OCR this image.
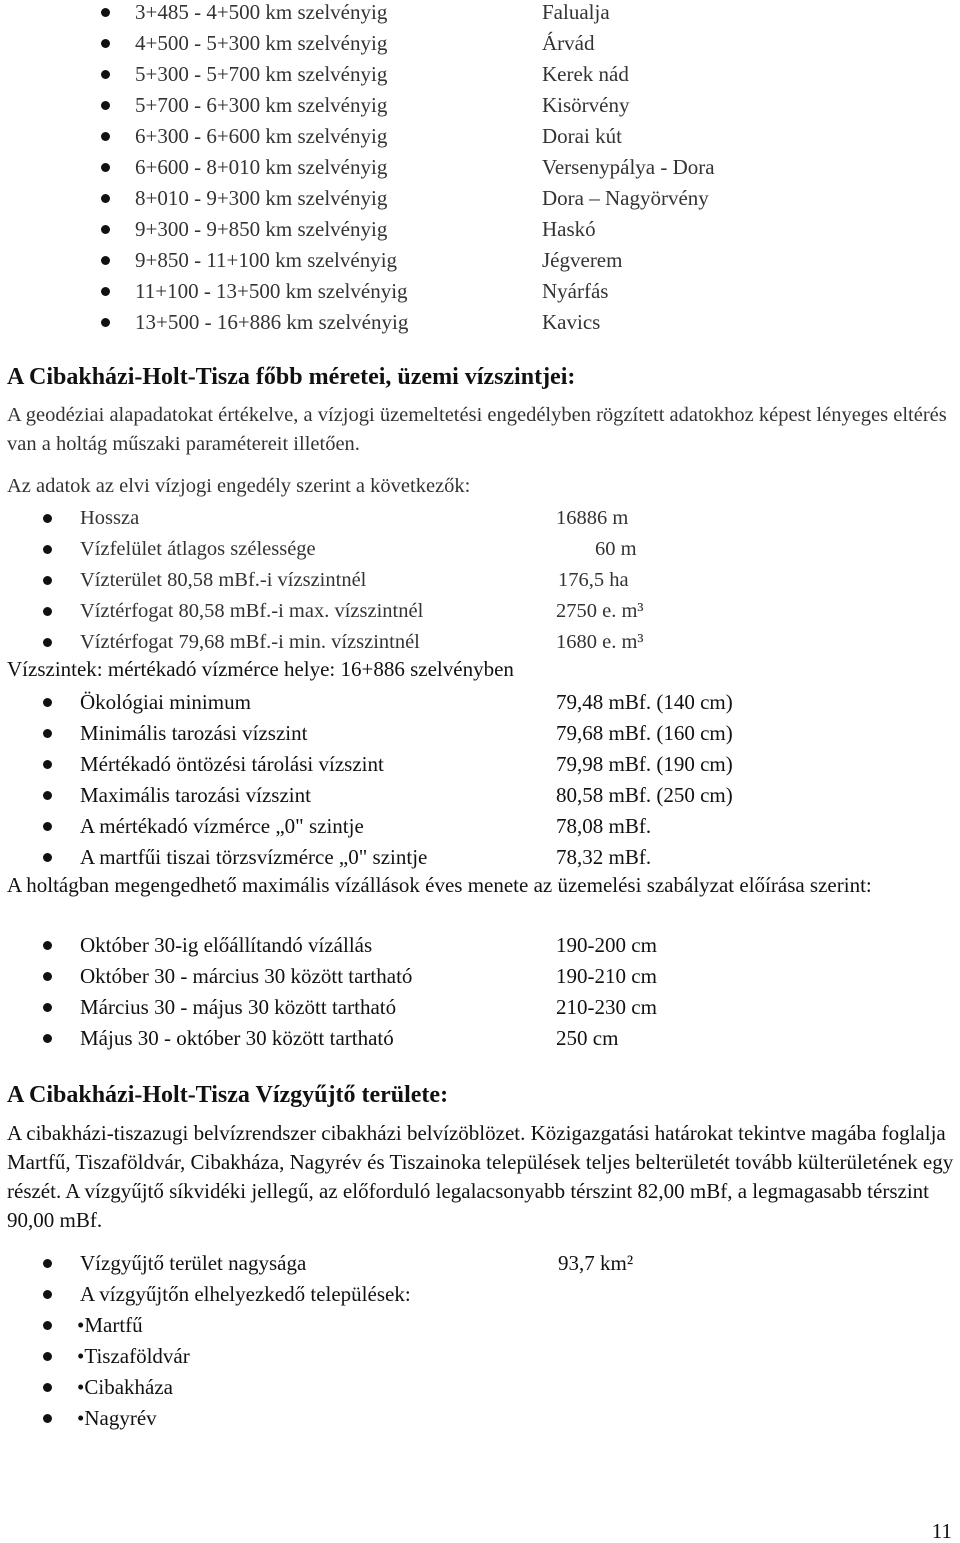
3+485 - 4+500 km szelvényig	Falualja
4+500 - 5+300 km szelvényig	Árvád
5+300 - 5+700 km szelvényig	Kerek nád
5+700 - 6+300 km szelvényig	Kisörvény
6+300 - 6+600 km szelvényig	Dorai kút
6+600 - 8+010 km szelvényig	Versenypálya - Dora
8+010 - 9+300 km szelvényig	Dora – Nagyörvény
9+300 - 9+850 km szelvényig	Haskó
9+850 - 11+100 km szelvényig	Jégverem
11+100 - 13+500 km szelvényig	Nyárfás
13+500 - 16+886 km szelvényig	Kavics
A Cibakházi-Holt-Tisza főbb méretei, üzemi vízszintjei:

A geodéziai alapadatokat értékelve, a vízjogi üzemeltetési engedélyben rögzített adatokhoz képest lényeges eltérés van a holtág műszaki paramétereit illetően.

Az adatok az elvi vízjogi engedély szerint a következők:

Hossza	16886 m
Vízfelület átlagos szélessége	60 m
Vízterület 80,58 mBf.-i vízszintnél	176,5 ha
Víztérfogat 80,58 mBf.-i max. vízszintnél	2750 e. m³
Víztérfogat 79,68 mBf.-i min. vízszintnél	1680 e. m³

Vízszintek: mértékadó vízmérce helye: 16+886 szelvényben

Ökológiai minimum	79,48 mBf. (140 cm)
Minimális tarozási vízszint	79,68 mBf. (160 cm)
Mértékadó öntözési tárolási vízszint	79,98 mBf. (190 cm)
Maximális tarozási vízszint	80,58 mBf. (250 cm)
A mértékadó vízmérce „0" szintje	78,08 mBf.
A martfűi tiszai törzsvízmérce „0" szintje	78,32 mBf.

A holtágban megengedhető maximális vízállások éves menete az üzemelési szabályzat előírása szerint:

Október 30-ig előállítandó vízállás	190-200 cm
Október 30 - március 30 között tartható	190-210 cm
Március 30 - május 30 között tartható	210-230 cm
Május 30 - október 30 között tartható	250 cm
A Cibakházi-Holt-Tisza Vízgyűjtő területe:

A cibakházi-tiszazugi belvízrendszer cibakházi belvízöblözet. Közigazgatási határokat tekintve magába foglalja Martfű, Tiszaföldvár, Cibakháza, Nagyrév és Tiszainoka települések teljes belterületét tovább külterületének egy részét. A vízgyűjtő síkvidéki jellegű, az előforduló legalacsonyabb térszint 82,00 mBf, a legmagasabb térszint 90,00 mBf.

Vízgyűjtő terület nagysága	93,7 km²
A vízgyűjtőn elhelyezkedő települések:
•Martfű
•Tiszaföldvár
•Cibakháza
•Nagyrév
11
